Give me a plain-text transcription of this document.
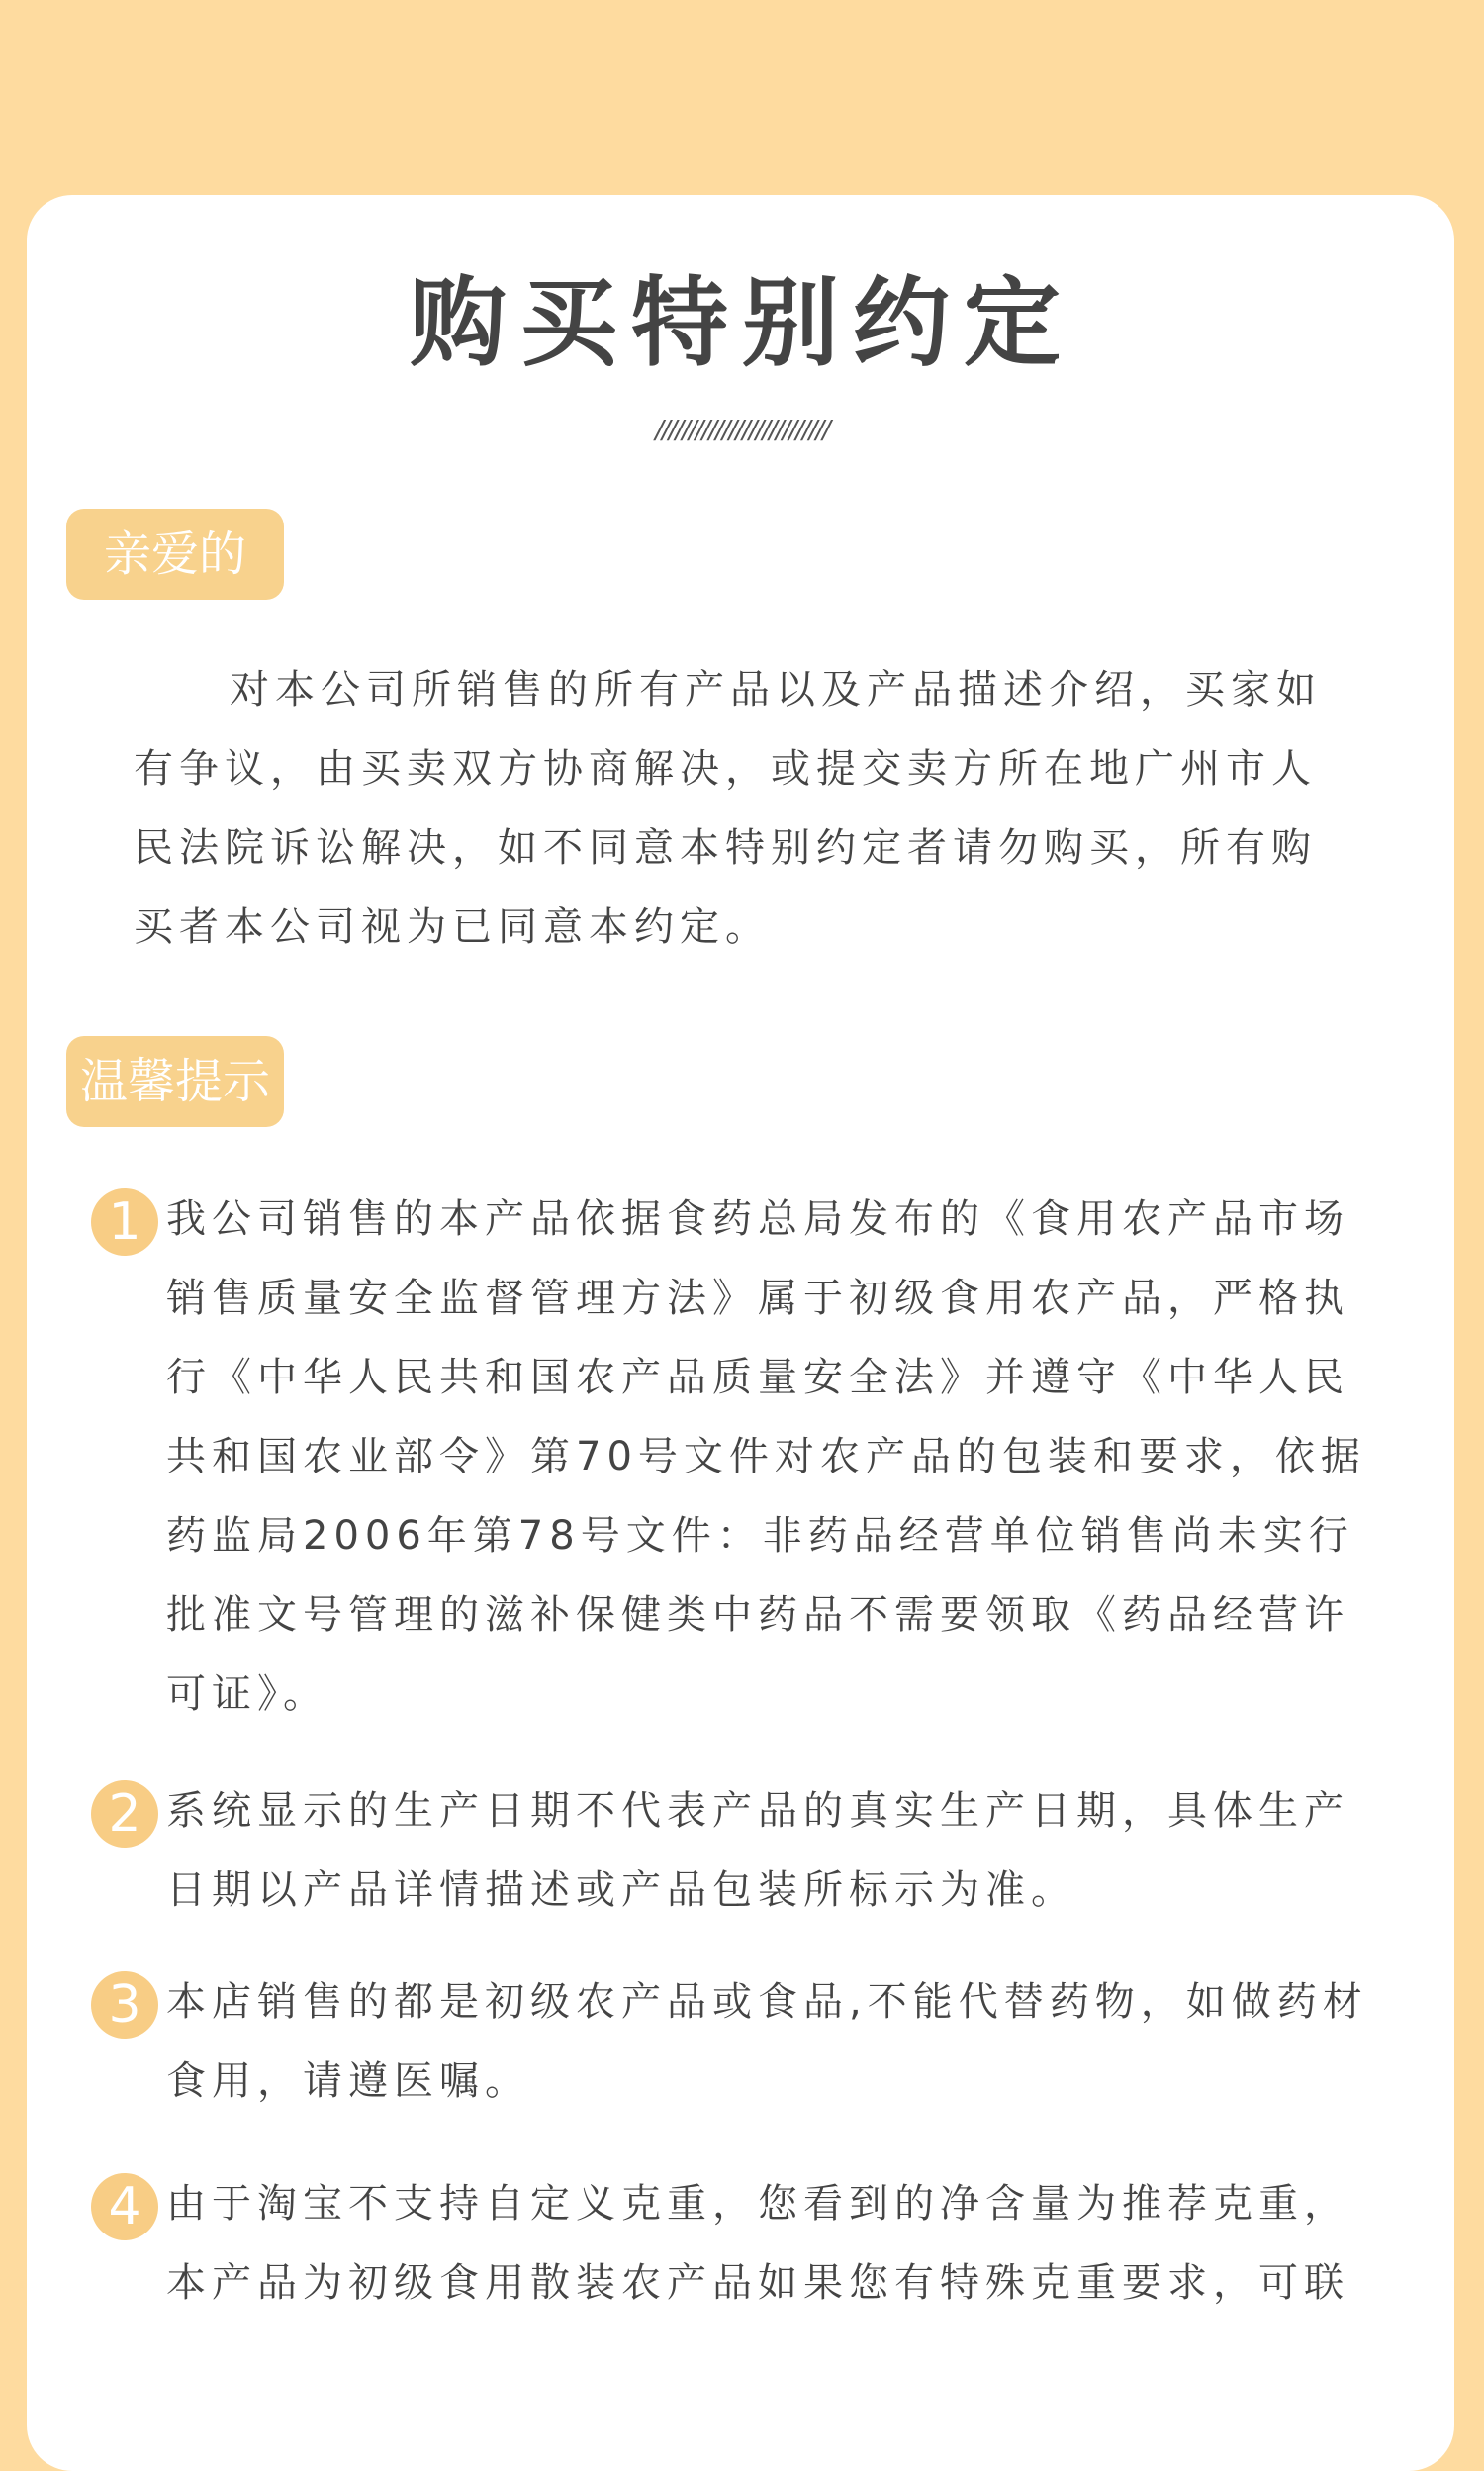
购买特别约定
//////////////////////////
亲爱的
对本公司所销售的所有产品以及产品描述介绍，买家如
有争议，由买卖双方协商解决，或提交卖方所在地广州市人
民法院诉讼解决，如不同意本特别约定者请勿购买，所有购
买者本公司视为已同意本约定。
温馨提示
1 我公司销售的本产品依据食药总局发布的《食用农产品市场
销售质量安全监督管理方法》属于初级食用农产品，严格执
行《中华人民共和国农产品质量安全法》并遵守《中华人民
共和国农业部令》第70号文件对农产品的包装和要求，依据
药监局2006年第78号文件：非药品经营单位销售尚未实行
批准文号管理的滋补保健类中药品不需要领取《药品经营许
可证》。
2 系统显示的生产日期不代表产品的真实生产日期，具体生产
日期以产品详情描述或产品包装所标示为准。
3 本店销售的都是初级农产品或食品,不能代替药物，如做药材
食用，请遵医嘱。
4 由于淘宝不支持自定义克重，您看到的净含量为推荐克重，
本产品为初级食用散装农产品如果您有特殊克重要求，可联
